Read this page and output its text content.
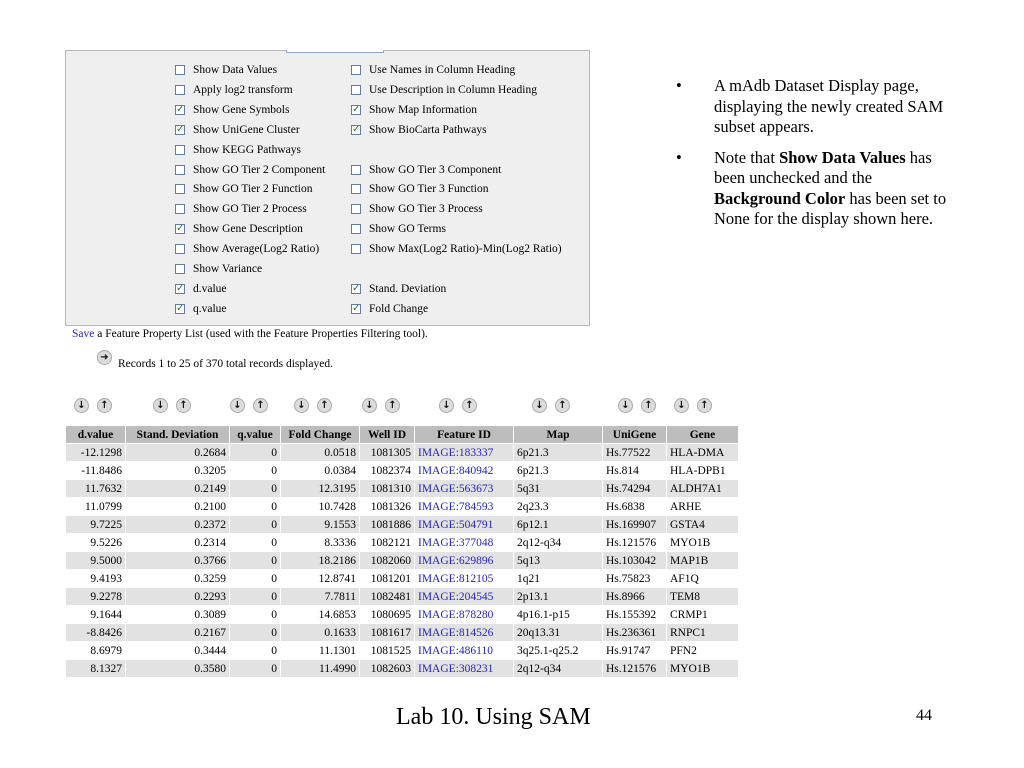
Show Data Values
Apply log2 transform
✓
Show Gene Symbols
✓
Show UniGene Cluster
Show KEGG Pathways
Show GO Tier 2 Component
Show GO Tier 2 Function
Show GO Tier 2 Process
✓
Show Gene Description
Show Average(Log2 Ratio)
Show Variance
✓
d.value
✓
q.value
Use Names in Column Heading
Use Description in Column Heading
✓
Show Map Information
✓
Show BioCarta Pathways
Show GO Tier 3 Component
Show GO Tier 3 Function
Show GO Tier 3 Process
Show GO Terms
Show Max(Log2 Ratio)-Min(Log2 Ratio)
✓
Stand. Deviation
✓
Fold Change
Save a Feature Property List (used with the Feature Properties Filtering tool).
➜ Records 1 to 25 of 370 total records displayed.
↓	↑	↓	↑	↓	↑	↓	↑	↓	↑	↓	↑	↓	↑	↓	↑	↓	↑
d.value	Stand. Deviation	q.value	Fold Change	Well ID	Feature ID	Map	UniGene	Gene
-12.1298	0.2684	0	0.0518	1081305	IMAGE:183337	6p21.3	Hs.77522	HLA-DMA
-11.8486	0.3205	0	0.0384	1082374	IMAGE:840942	6p21.3	Hs.814	HLA-DPB1
11.7632	0.2149	0	12.3195	1081310	IMAGE:563673	5q31	Hs.74294	ALDH7A1
11.0799	0.2100	0	10.7428	1081326	IMAGE:784593	2q23.3	Hs.6838	ARHE
9.7225	0.2372	0	9.1553	1081886	IMAGE:504791	6p12.1	Hs.169907	GSTA4
9.5226	0.2314	0	8.3336	1082121	IMAGE:377048	2q12-q34	Hs.121576	MYO1B
9.5000	0.3766	0	18.2186	1082060	IMAGE:629896	5q13	Hs.103042	MAP1B
9.4193	0.3259	0	12.8741	1081201	IMAGE:812105	1q21	Hs.75823	AF1Q
9.2278	0.2293	0	7.7811	1082481	IMAGE:204545	2p13.1	Hs.8966	TEM8
9.1644	0.3089	0	14.6853	1080695	IMAGE:878280	4p16.1-p15	Hs.155392	CRMP1
-8.8426	0.2167	0	0.1633	1081617	IMAGE:814526	20q13.31	Hs.236361	RNPC1
8.6979	0.3444	0	11.1301	1081525	IMAGE:486110	3q25.1-q25.2	Hs.91747	PFN2
8.1327	0.3580	0	11.4990	1082603	IMAGE:308231	2q12-q34	Hs.121576	MYO1B
• A mAdb Dataset Display page, displaying the newly created SAM subset appears.
• Note that Show Data Values has been unchecked and the Background Color has been set to None for the display shown here.
Lab 10. Using SAM	44
